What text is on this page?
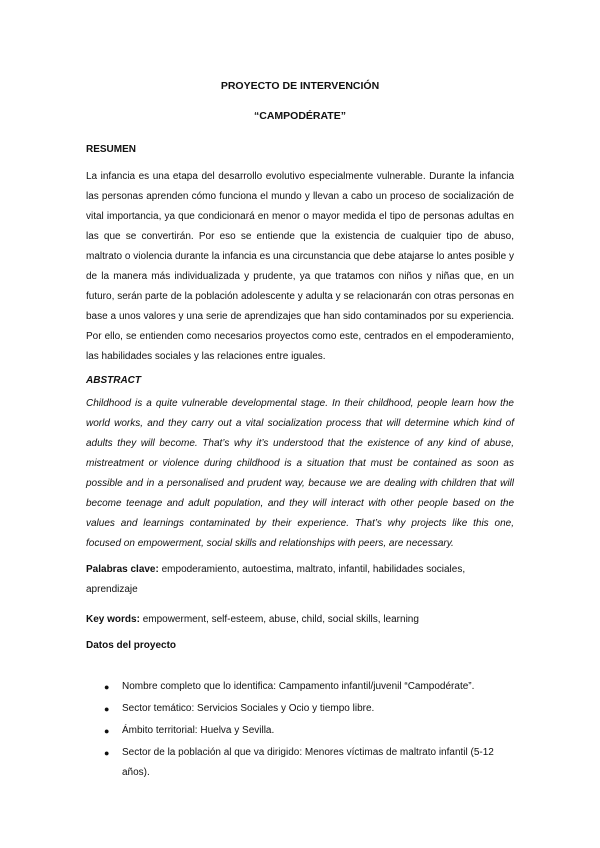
PROYECTO DE INTERVENCIÓN

“CAMPODÉRATE”

RESUMEN

La infancia es una etapa del desarrollo evolutivo especialmente vulnerable. Durante la infancia las personas aprenden cómo funciona el mundo y llevan a cabo un proceso de socialización de vital importancia, ya que condicionará en menor o mayor medida el tipo de personas adultas en las que se convertirán. Por eso se entiende que la existencia de cualquier tipo de abuso, maltrato o violencia durante la infancia es una circunstancia que debe atajarse lo antes posible y de la manera más individualizada y prudente, ya que tratamos con niños y niñas que, en un futuro, serán parte de la población adolescente y adulta y se relacionarán con otras personas en base a unos valores y una serie de aprendizajes que han sido contaminados por su experiencia. Por ello, se entienden como necesarios proyectos como este, centrados en el empoderamiento, las habilidades sociales y las relaciones entre iguales.

ABSTRACT

Childhood is a quite vulnerable developmental stage. In their childhood, people learn how the world works, and they carry out a vital socialization process that will determine which kind of adults they will become. That’s why it’s understood that the existence of any kind of abuse, mistreatment or violence during childhood is a situation that must be contained as soon as possible and in a personalised and prudent way, because we are dealing with children that will become teenage and adult population, and they will interact with other people based on the values and learnings contaminated by their experience. That’s why projects like this one, focused on empowerment, social skills and relationships with peers, are necessary.

Palabras clave: empoderamiento, autoestima, maltrato, infantil, habilidades sociales, aprendizaje

Key words: empowerment, self-esteem, abuse, child, social skills, learning

Datos del proyecto

● Nombre completo que lo identifica: Campamento infantil/juvenil “Campodérate”.
● Sector temático: Servicios Sociales y Ocio y tiempo libre.
● Ámbito territorial: Huelva y Sevilla.
● Sector de la población al que va dirigido: Menores víctimas de maltrato infantil (5-12 años).
